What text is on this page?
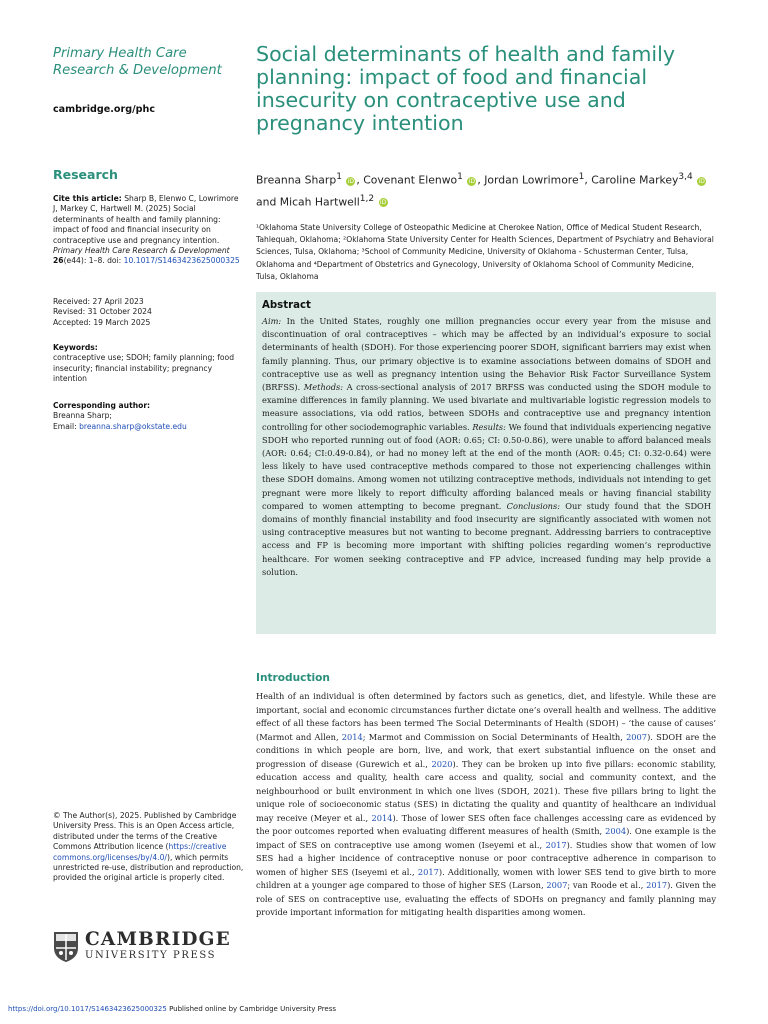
Primary Health Care Research & Development
cambridge.org/phc
Research
Cite this article: Sharp B, Elenwo C, Lowrimore J, Markey C, Hartwell M. (2025) Social determinants of health and family planning: impact of food and financial insecurity on contraceptive use and pregnancy intention. Primary Health Care Research & Development 26(e44): 1–8. doi: 10.1017/S1463423625000325
Received: 27 April 2023
Revised: 31 October 2024
Accepted: 19 March 2025
Keywords:
contraceptive use; SDOH; family planning; food insecurity; financial instability; pregnancy intention
Corresponding author:
Breanna Sharp;
Email: breanna.sharp@okstate.edu
© The Author(s), 2025. Published by Cambridge University Press. This is an Open Access article, distributed under the terms of the Creative Commons Attribution licence (https://creative commons.org/licenses/by/4.0/), which permits unrestricted re-use, distribution and reproduction, provided the original article is properly cited.
CAMBRIDGE
UNIVERSITY PRESS
Social determinants of health and family planning: impact of food and financial insecurity on contraceptive use and pregnancy intention
Breanna Sharp$^1$ iD , Covenant Elenwo$^1$ iD , Jordan Lowrimore$^1$, Caroline Markey$^{3,4}$ iD
and Micah Hartwell$^{1,2}$ iD
¹Oklahoma State University College of Osteopathic Medicine at Cherokee Nation, Office of Medical Student Research, Tahlequah, Oklahoma; ²Oklahoma State University Center for Health Sciences, Department of Psychiatry and Behavioral Sciences, Tulsa, Oklahoma; ³School of Community Medicine, University of Oklahoma - Schusterman Center, Tulsa, Oklahoma and ⁴Department of Obstetrics and Gynecology, University of Oklahoma School of Community Medicine, Tulsa, Oklahoma
Abstract

Aim: In the United States, roughly one million pregnancies occur every year from the misuse and discontinuation of oral contraceptives – which may be affected by an individual’s exposure to social determinants of health (SDOH). For those experiencing poorer SDOH, significant barriers may exist when family planning. Thus, our primary objective is to examine associations between domains of SDOH and contraceptive use as well as pregnancy intention using the Behavior Risk Factor Surveillance System (BRFSS). Methods: A cross-sectional analysis of 2017 BRFSS was conducted using the SDOH module to examine differences in family planning. We used bivariate and multivariable logistic regression models to measure associations, via odd ratios, between SDOHs and contraceptive use and pregnancy intention controlling for other sociodemographic variables. Results: We found that individuals experiencing negative SDOH who reported running out of food (AOR: 0.65; CI: 0.50-0.86), were unable to afford balanced meals (AOR: 0.64; CI:0.49-0.84), or had no money left at the end of the month (AOR: 0.45; CI: 0.32-0.64) were less likely to have used contraceptive methods compared to those not experiencing challenges within these SDOH domains. Among women not utilizing contraceptive methods, individuals not intending to get pregnant were more likely to report difficulty affording balanced meals or having financial stability compared to women attempting to become pregnant. Conclusions: Our study found that the SDOH domains of monthly financial instability and food insecurity are significantly associated with women not using contraceptive measures but not wanting to become pregnant. Addressing barriers to contraceptive access and FP is becoming more important with shifting policies regarding women’s reproductive healthcare. For women seeking contraceptive and FP advice, increased funding may help provide a solution.

Introduction

Health of an individual is often determined by factors such as genetics, diet, and lifestyle. While these are important, social and economic circumstances further dictate one’s overall health and wellness. The additive effect of all these factors has been termed The Social Determinants of Health (SDOH) – ‘the cause of causes’ (Marmot and Allen, 2014; Marmot and Commission on Social Determinants of Health, 2007). SDOH are the conditions in which people are born, live, and work, that exert substantial influence on the onset and progression of disease (Gurewich et al., 2020). They can be broken up into five pillars: economic stability, education access and quality, health care access and quality, social and community context, and the neighbourhood or built environment in which one lives (SDOH, 2021). These five pillars bring to light the unique role of socioeconomic status (SES) in dictating the quality and quantity of healthcare an individual may receive (Meyer et al., 2014). Those of lower SES often face challenges accessing care as evidenced by the poor outcomes reported when evaluating different measures of health (Smith, 2004). One example is the impact of SES on contraceptive use among women (Iseyemi et al., 2017). Studies show that women of low SES had a higher incidence of contraceptive nonuse or poor contraceptive adherence in comparison to women of higher SES (Iseyemi et al., 2017). Additionally, women with lower SES tend to give birth to more children at a younger age compared to those of higher SES (Larson, 2007; van Roode et al., 2017). Given the role of SES on contraceptive use, evaluating the effects of SDOHs on pregnancy and family planning may provide important information for mitigating health disparities among women.

https://doi.org/10.1017/S1463423625000325 Published online by Cambridge University Press
